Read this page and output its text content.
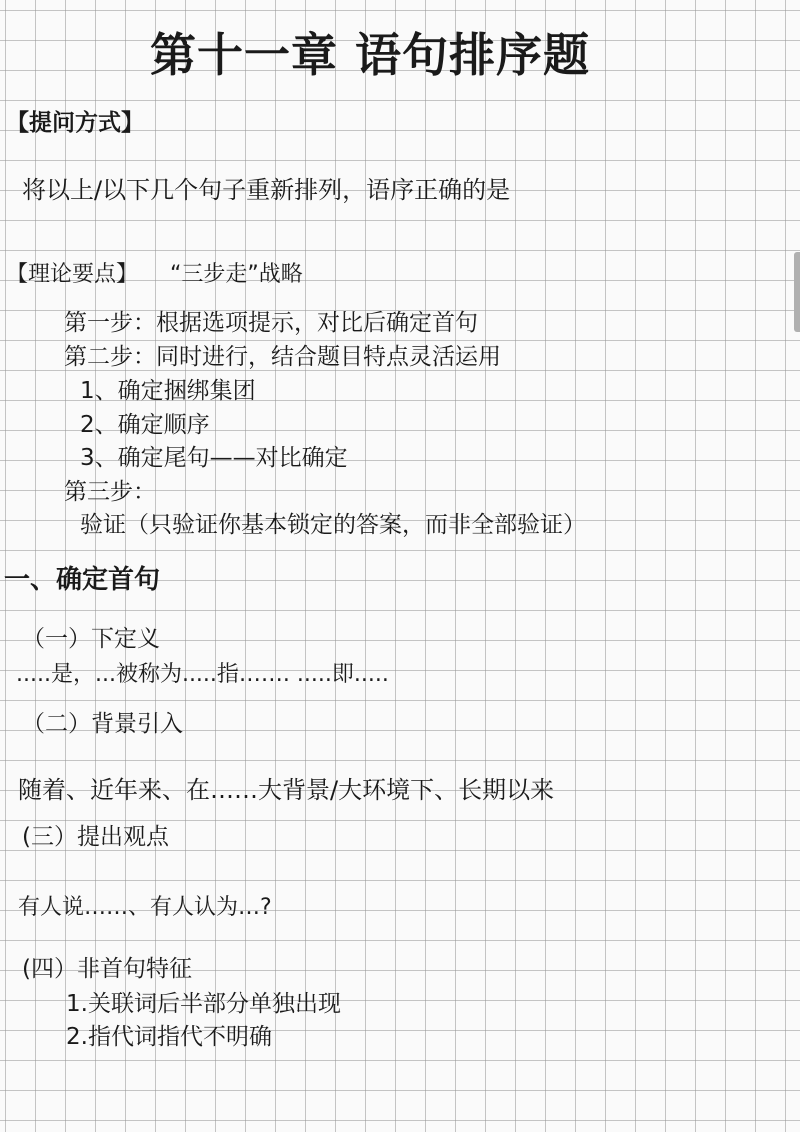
第十一章 语句排序题
【提问方式】
将以上/以下几个句子重新排列，语序正确的是
【理论要点】 “三步走”战略
第一步：根据选项提示，对比后确定首句
第二步：同时进行，结合题目特点灵活运用
1、确定捆绑集团
2、确定顺序
3、确定尾句——对比确定
第三步：
验证（只验证你基本锁定的答案，而非全部验证）
一、确定首句
（一）下定义
.....是，...被称为.....指……. .....即.....
（二）背景引入
随着、近年来、在……大背景/大环境下、长期以来
(三）提出观点
有人说……、有人认为…?
(四）非首句特征
1.关联词后半部分单独出现
2.指代词指代不明确
